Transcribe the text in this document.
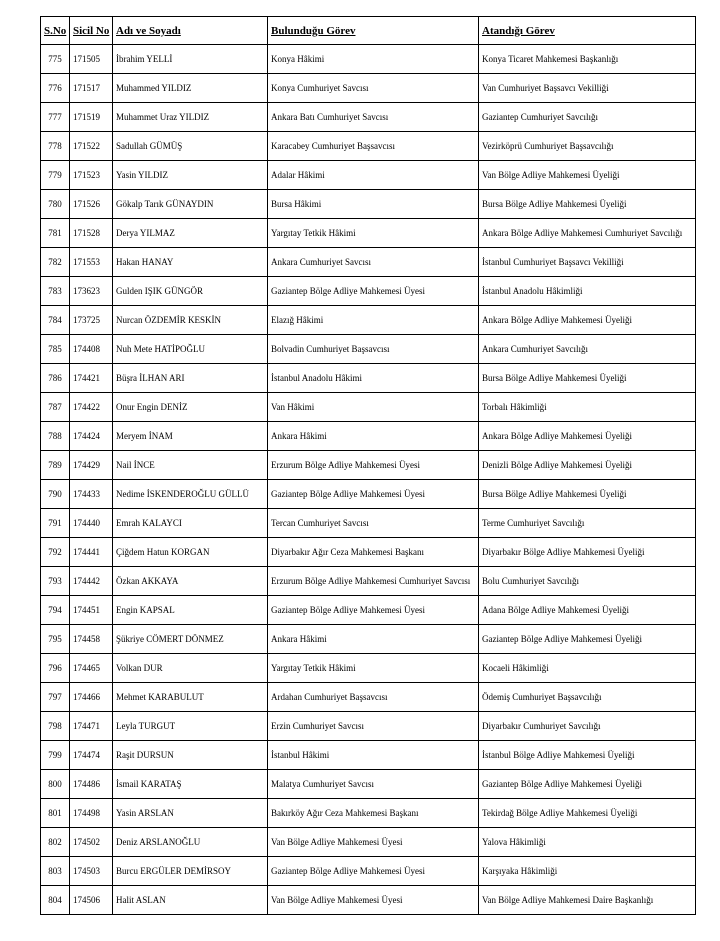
S.No	Sicil No	Adı ve Soyadı	Bulunduğu Görev	Atandığı Görev
775	171505	İbrahim YELLİ	Konya Hâkimi	Konya Ticaret Mahkemesi Başkanlığı
776	171517	Muhammed YILDIZ	Konya Cumhuriyet Savcısı	Van Cumhuriyet Başsavcı Vekilliği
777	171519	Muhammet Uraz YILDIZ	Ankara Batı Cumhuriyet Savcısı	Gaziantep Cumhuriyet Savcılığı
778	171522	Sadullah GÜMÜŞ	Karacabey Cumhuriyet Başsavcısı	Vezirköprü Cumhuriyet Başsavcılığı
779	171523	Yasin YILDIZ	Adalar Hâkimi	Van Bölge Adliye Mahkemesi Üyeliği
780	171526	Gökalp Tarık GÜNAYDIN	Bursa Hâkimi	Bursa Bölge Adliye Mahkemesi Üyeliği
781	171528	Derya YILMAZ	Yargıtay Tetkik Hâkimi	Ankara Bölge Adliye Mahkemesi Cumhuriyet Savcılığı
782	171553	Hakan HANAY	Ankara Cumhuriyet Savcısı	İstanbul Cumhuriyet Başsavcı Vekilliği
783	173623	Gulden IŞIK GÜNGÖR	Gaziantep Bölge Adliye Mahkemesi Üyesi	İstanbul Anadolu Hâkimliği
784	173725	Nurcan ÖZDEMİR KESKİN	Elazığ Hâkimi	Ankara Bölge Adliye Mahkemesi Üyeliği
785	174408	Nuh Mete HATİPOĞLU	Bolvadin Cumhuriyet Başsavcısı	Ankara Cumhuriyet Savcılığı
786	174421	Büşra İLHAN ARI	İstanbul Anadolu Hâkimi	Bursa Bölge Adliye Mahkemesi Üyeliği
787	174422	Onur Engin DENİZ	Van Hâkimi	Torbalı Hâkimliği
788	174424	Meryem İNAM	Ankara Hâkimi	Ankara Bölge Adliye Mahkemesi Üyeliği
789	174429	Nail İNCE	Erzurum Bölge Adliye Mahkemesi Üyesi	Denizli Bölge Adliye Mahkemesi Üyeliği
790	174433	Nedime İSKENDEROĞLU GÜLLÜ	Gaziantep Bölge Adliye Mahkemesi Üyesi	Bursa Bölge Adliye Mahkemesi Üyeliği
791	174440	Emrah KALAYCI	Tercan Cumhuriyet Savcısı	Terme Cumhuriyet Savcılığı
792	174441	Çiğdem Hatun KORGAN	Diyarbakır Ağır Ceza Mahkemesi Başkanı	Diyarbakır Bölge Adliye Mahkemesi Üyeliği
793	174442	Özkan AKKAYA	Erzurum Bölge Adliye Mahkemesi Cumhuriyet Savcısı	Bolu Cumhuriyet Savcılığı
794	174451	Engin KAPSAL	Gaziantep Bölge Adliye Mahkemesi Üyesi	Adana Bölge Adliye Mahkemesi Üyeliği
795	174458	Şükriye CÖMERT DÖNMEZ	Ankara Hâkimi	Gaziantep Bölge Adliye Mahkemesi Üyeliği
796	174465	Volkan DUR	Yargıtay Tetkik Hâkimi	Kocaeli Hâkimliği
797	174466	Mehmet KARABULUT	Ardahan Cumhuriyet Başsavcısı	Ödemiş Cumhuriyet Başsavcılığı
798	174471	Leyla TURGUT	Erzin Cumhuriyet Savcısı	Diyarbakır Cumhuriyet Savcılığı
799	174474	Raşit DURSUN	İstanbul Hâkimi	İstanbul Bölge Adliye Mahkemesi Üyeliği
800	174486	İsmail KARATAŞ	Malatya Cumhuriyet Savcısı	Gaziantep Bölge Adliye Mahkemesi Üyeliği
801	174498	Yasin ARSLAN	Bakırköy Ağır Ceza Mahkemesi Başkanı	Tekirdağ Bölge Adliye Mahkemesi Üyeliği
802	174502	Deniz ARSLANOĞLU	Van Bölge Adliye Mahkemesi Üyesi	Yalova Hâkimliği
803	174503	Burcu ERGÜLER DEMİRSOY	Gaziantep Bölge Adliye Mahkemesi Üyesi	Karşıyaka Hâkimliği
804	174506	Halit ASLAN	Van Bölge Adliye Mahkemesi Üyesi	Van Bölge Adliye Mahkemesi Daire Başkanlığı
